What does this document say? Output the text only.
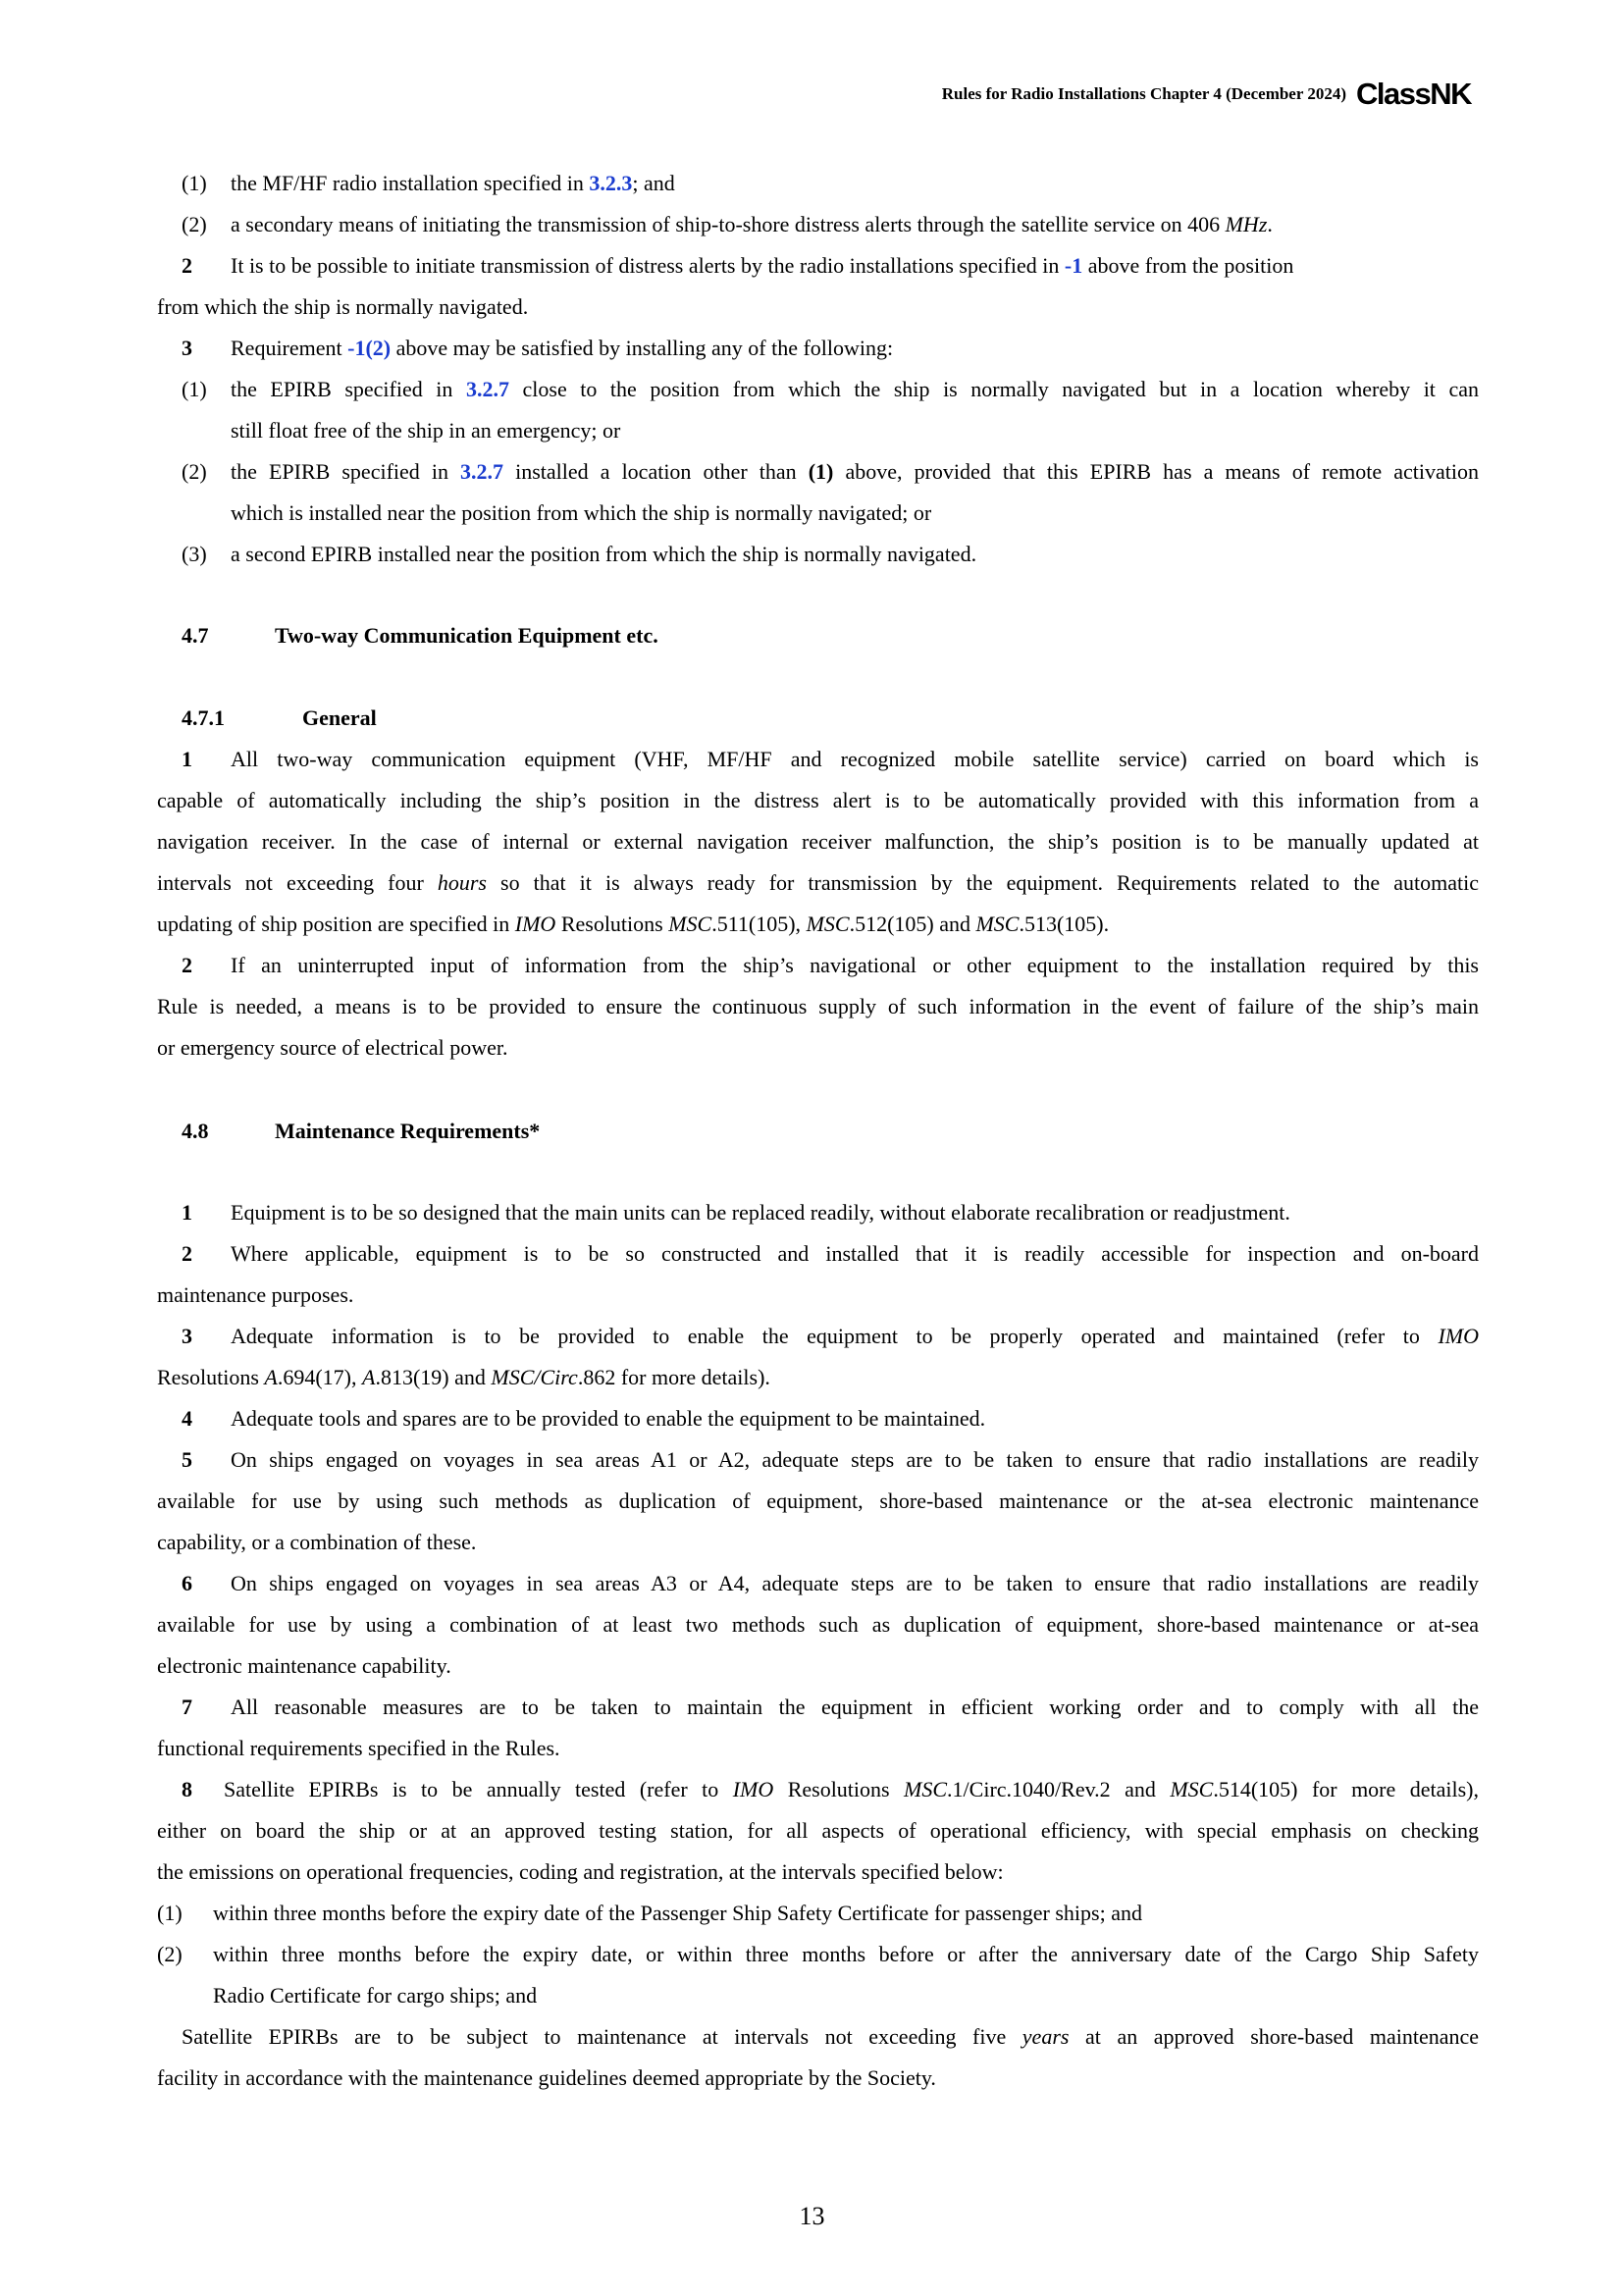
Rules for Radio Installations Chapter 4 (December 2024) ClassNK
(1) the MF/HF radio installation specified in 3.2.3; and
(2) a secondary means of initiating the transmission of ship-to-shore distress alerts through the satellite service on 406 MHz.
2 It is to be possible to initiate transmission of distress alerts by the radio installations specified in -1 above from the position
from which the ship is normally navigated.
3 Requirement -1(2) above may be satisfied by installing any of the following:
(1) the EPIRB specified in 3.2.7 close to the position from which the ship is normally navigated but in a location whereby it can
still float free of the ship in an emergency; or
(2) the EPIRB specified in 3.2.7 installed a location other than (1) above, provided that this EPIRB has a means of remote activation
which is installed near the position from which the ship is normally navigated; or
(3) a second EPIRB installed near the position from which the ship is normally navigated.
4.7	Two-way Communication Equipment etc.
4.7.1	General
1 All two-way communication equipment (VHF, MF/HF and recognized mobile satellite service) carried on board which is
capable of automatically including the ship’s position in the distress alert is to be automatically provided with this information from a
navigation receiver. In the case of internal or external navigation receiver malfunction, the ship’s position is to be manually updated at
intervals not exceeding four hours so that it is always ready for transmission by the equipment. Requirements related to the automatic
updating of ship position are specified in IMO Resolutions MSC.511(105), MSC.512(105) and MSC.513(105).
2 If an uninterrupted input of information from the ship’s navigational or other equipment to the installation required by this
Rule is needed, a means is to be provided to ensure the continuous supply of such information in the event of failure of the ship’s main
or emergency source of electrical power.
4.8	Maintenance Requirements*
1 Equipment is to be so designed that the main units can be replaced readily, without elaborate recalibration or readjustment.
2 Where applicable, equipment is to be so constructed and installed that it is readily accessible for inspection and on-board
maintenance purposes.
3 Adequate information is to be provided to enable the equipment to be properly operated and maintained (refer to IMO
Resolutions A.694(17), A.813(19) and MSC/Circ.862 for more details).
4 Adequate tools and spares are to be provided to enable the equipment to be maintained.
5 On ships engaged on voyages in sea areas A1 or A2, adequate steps are to be taken to ensure that radio installations are readily
available for use by using such methods as duplication of equipment, shore-based maintenance or the at-sea electronic maintenance
capability, or a combination of these.
6 On ships engaged on voyages in sea areas A3 or A4, adequate steps are to be taken to ensure that radio installations are readily
available for use by using a combination of at least two methods such as duplication of equipment, shore-based maintenance or at-sea
electronic maintenance capability.
7 All reasonable measures are to be taken to maintain the equipment in efficient working order and to comply with all the
functional requirements specified in the Rules.
8 Satellite EPIRBs is to be annually tested (refer to IMO Resolutions MSC.1/Circ.1040/Rev.2 and MSC.514(105) for more details),
either on board the ship or at an approved testing station, for all aspects of operational efficiency, with special emphasis on checking
the emissions on operational frequencies, coding and registration, at the intervals specified below:
(1) within three months before the expiry date of the Passenger Ship Safety Certificate for passenger ships; and
(2) within three months before the expiry date, or within three months before or after the anniversary date of the Cargo Ship Safety
Radio Certificate for cargo ships; and
Satellite EPIRBs are to be subject to maintenance at intervals not exceeding five years at an approved shore-based maintenance
facility in accordance with the maintenance guidelines deemed appropriate by the Society.
13
